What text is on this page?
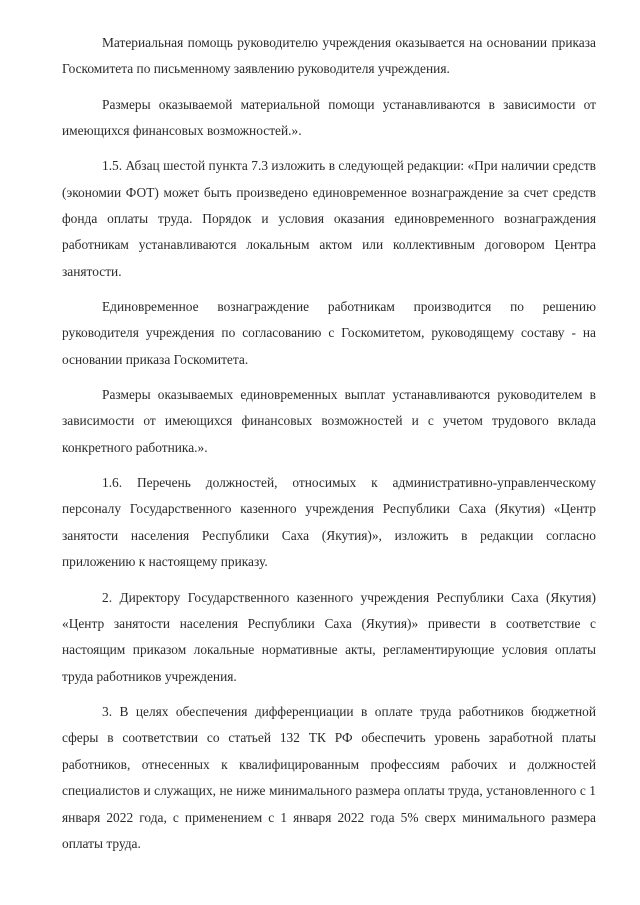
Материальная помощь руководителю учреждения оказывается на основании приказа Госкомитета по письменному заявлению руководителя учреждения.

Размеры оказываемой материальной помощи устанавливаются в зависимости от имеющихся финансовых возможностей.».

1.5. Абзац шестой пункта 7.3 изложить в следующей редакции: «При наличии средств (экономии ФОТ) может быть произведено единовременное вознаграждение за счет средств фонда оплаты труда. Порядок и условия оказания единовременного вознаграждения работникам устанавливаются локальным актом или коллективным договором Центра занятости.

Единовременное вознаграждение работникам производится по решению руководителя учреждения по согласованию с Госкомитетом, руководящему составу - на основании приказа Госкомитета.

Размеры оказываемых единовременных выплат устанавливаются руководителем в зависимости от имеющихся финансовых возможностей и с учетом трудового вклада конкретного работника.».

1.6. Перечень должностей, относимых к административно-управленческому персоналу Государственного казенного учреждения Республики Саха (Якутия) «Центр занятости населения Республики Саха (Якутия)», изложить в редакции согласно приложению к настоящему приказу.

2. Директору Государственного казенного учреждения Республики Саха (Якутия) «Центр занятости населения Республики Саха (Якутия)» привести в соответствие с настоящим приказом локальные нормативные акты, регламентирующие условия оплаты труда работников учреждения.

3. В целях обеспечения дифференциации в оплате труда работников бюджетной сферы в соответствии со статьей 132 ТК РФ обеспечить уровень заработной платы работников, отнесенных к квалифицированным профессиям рабочих и должностей специалистов и служащих, не ниже минимального размера оплаты труда, установленного с 1 января 2022 года, с применением с 1 января 2022 года 5% сверх минимального размера оплаты труда.
